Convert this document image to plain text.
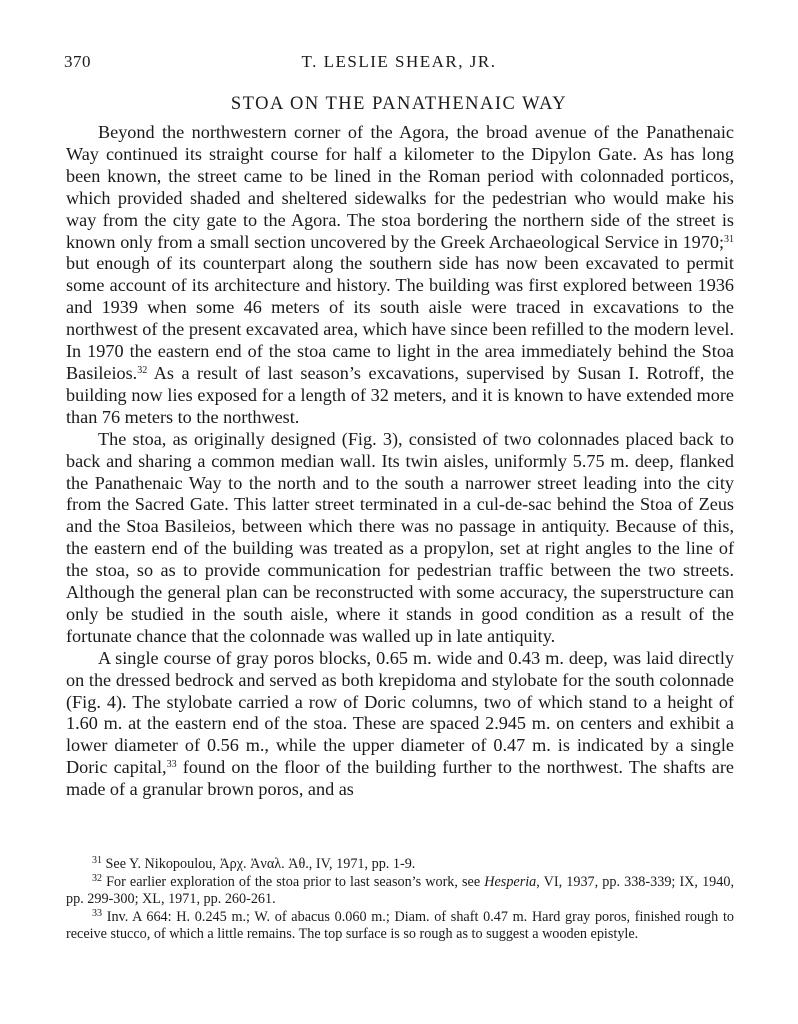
370	T. LESLIE SHEAR, JR.
STOA ON THE PANATHENAIC WAY

Beyond the northwestern corner of the Agora, the broad avenue of the Panathenaic Way continued its straight course for half a kilometer to the Dipylon Gate. As has long been known, the street came to be lined in the Roman period with colonnaded porticos, which provided shaded and sheltered sidewalks for the pedestrian who would make his way from the city gate to the Agora. The stoa bordering the northern side of the street is known only from a small section uncovered by the Greek Archaeological Service in 1970;$^{31}$ but enough of its counterpart along the southern side has now been excavated to permit some account of its architecture and history. The building was first explored between 1936 and 1939 when some 46 meters of its south aisle were traced in excavations to the northwest of the present excavated area, which have since been refilled to the modern level. In 1970 the eastern end of the stoa came to light in the area immediately behind the Stoa Basileios.$^{32}$ As a result of last season’s excavations, supervised by Susan I. Rotroff, the building now lies exposed for a length of 32 meters, and it is known to have extended more than 76 meters to the northwest.

The stoa, as originally designed (Fig. 3), consisted of two colonnades placed back to back and sharing a common median wall. Its twin aisles, uniformly 5.75 m. deep, flanked the Panathenaic Way to the north and to the south a narrower street leading into the city from the Sacred Gate. This latter street terminated in a cul-de-sac behind the Stoa of Zeus and the Stoa Basileios, between which there was no passage in antiquity. Because of this, the eastern end of the building was treated as a propylon, set at right angles to the line of the stoa, so as to provide communication for pedestrian traffic between the two streets. Although the general plan can be reconstructed with some accuracy, the superstructure can only be studied in the south aisle, where it stands in good condition as a result of the fortunate chance that the colonnade was walled up in late antiquity.

A single course of gray poros blocks, 0.65 m. wide and 0.43 m. deep, was laid directly on the dressed bedrock and served as both krepidoma and stylobate for the south colonnade (Fig. 4). The stylobate carried a row of Doric columns, two of which stand to a height of 1.60 m. at the eastern end of the stoa. These are spaced 2.945 m. on centers and exhibit a lower diameter of 0.56 m., while the upper diameter of 0.47 m. is indicated by a single Doric capital,$^{33}$ found on the floor of the building further to the northwest. The shafts are made of a granular brown poros, and as

$^{31}$ See Y. Nikopoulou, Ἀρχ. Ἀναλ. Ἀθ., IV, 1971, pp. 1-9.

$^{32}$ For earlier exploration of the stoa prior to last season’s work, see Hesperia, VI, 1937, pp. 338-339; IX, 1940, pp. 299-300; XL, 1971, pp. 260-261.

$^{33}$ Inv. A 664: H. 0.245 m.; W. of abacus 0.060 m.; Diam. of shaft 0.47 m. Hard gray poros, finished rough to receive stucco, of which a little remains. The top surface is so rough as to suggest a wooden epistyle.
